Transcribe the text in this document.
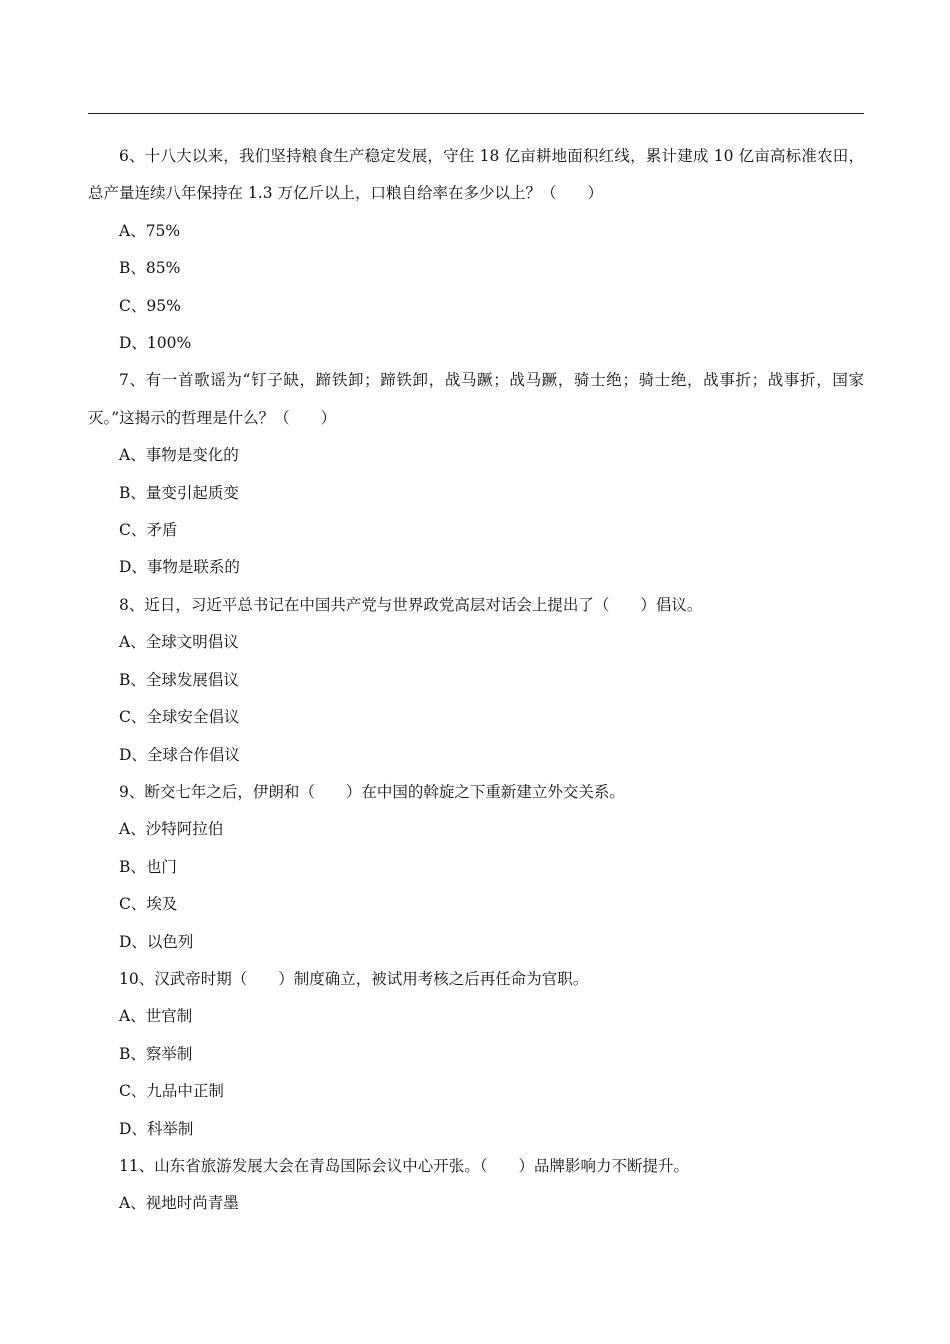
6、十八大以来，我们坚持粮食生产稳定发展，守住 18 亿亩耕地面积红线，累计建成 10 亿亩高标准农田，总产量连续八年保持在 1.3 万亿斤以上，口粮自给率在多少以上？（　　）

A、75%

B、85%

C、95%

D、100%

7、有一首歌谣为“钉子缺，蹄铁卸；蹄铁卸，战马蹶；战马蹶，骑士绝；骑士绝，战事折；战事折，国家灭。”这揭示的哲理是什么？（　　）

A、事物是变化的

B、量变引起质变

C、矛盾

D、事物是联系的

8、近日，习近平总书记在中国共产党与世界政党高层对话会上提出了（　　）倡议。

A、全球文明倡议

B、全球发展倡议

C、全球安全倡议

D、全球合作倡议

9、断交七年之后，伊朗和（　　）在中国的斡旋之下重新建立外交关系。

A、沙特阿拉伯

B、也门

C、埃及

D、以色列

10、汉武帝时期（　　）制度确立，被试用考核之后再任命为官职。

A、世官制

B、察举制

C、九品中正制

D、科举制

11、山东省旅游发展大会在青岛国际会议中心开张。（　　）品牌影响力不断提升。

A、视地时尚青墨
